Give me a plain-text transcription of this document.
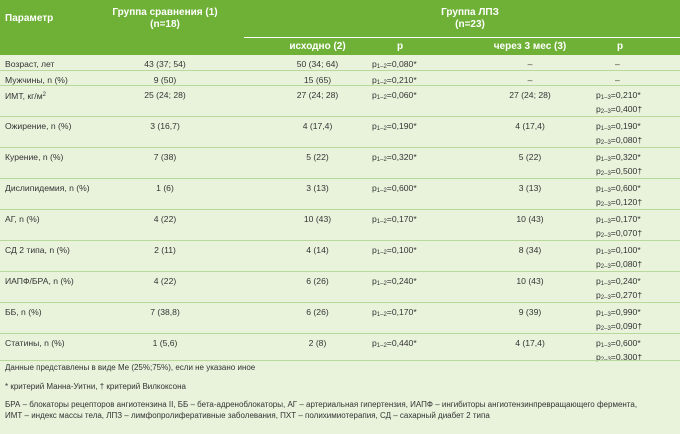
Параметр
Группа сравнения (1)
(n=18)
Группа ЛПЗ
(n=23)
исходно (2)	р	через 3 мес (3)	р
Возраст, лет	43 (37; 54)	50 (34; 64)	$p_{1-2}=0,080*$	–	–
Мужчины, n (%)	9 (50)	15 (65)	$p_{1-2}=0,210*$	–	–
ИМТ, $кг/м^2$	25 (24; 28)	27 (24; 28)	$p_{1-2}=0,060*$	27 (24; 28)	$p_{1-3}=0,210*$
$p_{2-3}=0,400\dagger$
Ожирение, n (%)	3 (16,7)	4 (17,4)	$p_{1-2}=0,190*$	4 (17,4)	$p_{1-3}=0,190*$
$p_{2-3}=0,080\dagger$
Курение, n (%)	7 (38)	5 (22)	$p_{1-2}=0,320*$	5 (22)	$p_{1-3}=0,320*$
$p_{2-3}=0,500\dagger$
Дислипидемия, n (%)	1 (6)	3 (13)	$p_{1-2}=0,600*$	3 (13)	$p_{1-3}=0,600*$
$p_{2-3}=0,120\dagger$
АГ, n (%)	4 (22)	10 (43)	$p_{1-2}=0,170*$	10 (43)	$p_{1-3}=0,170*$
$p_{2-3}=0,070\dagger$
СД 2 типа, n (%)	2 (11)	4 (14)	$p_{1-2}=0,100*$	8 (34)	$p_{1-3}=0,100*$
$p_{2-3}=0,080\dagger$
ИАПФ/БРА, n (%)	4 (22)	6 (26)	$p_{1-2}=0,240*$	10 (43)	$p_{1-3}=0,240*$
$p_{2-3}=0,270\dagger$
ББ, n (%)	7 (38,8)	6 (26)	$p_{1-2}=0,170*$	9 (39)	$p_{1-3}=0,990*$
$p_{2-3}=0,090\dagger$
Статины, n (%)	1 (5,6)	2 (8)	$p_{1-2}=0,440*$	4 (17,4)	$p_{1-3}=0,600*$
$p_{2-3}=0,300\dagger$
Данные представлены в виде Me (25%;75%), если не указано иное
* критерий Манна-Уитни, † критерий Вилкоксона
БРА – блокаторы рецепторов ангиотензина II, ББ – бета-адреноблокаторы, АГ – артериальная гипертензия, ИАПФ – ингибиторы ангиотензинпревращающего фермента,
ИМТ – индекс массы тела, ЛПЗ – лимфопролиферативные заболевания, ПХТ – полихимиотерапия, СД – сахарный диабет 2 типа
